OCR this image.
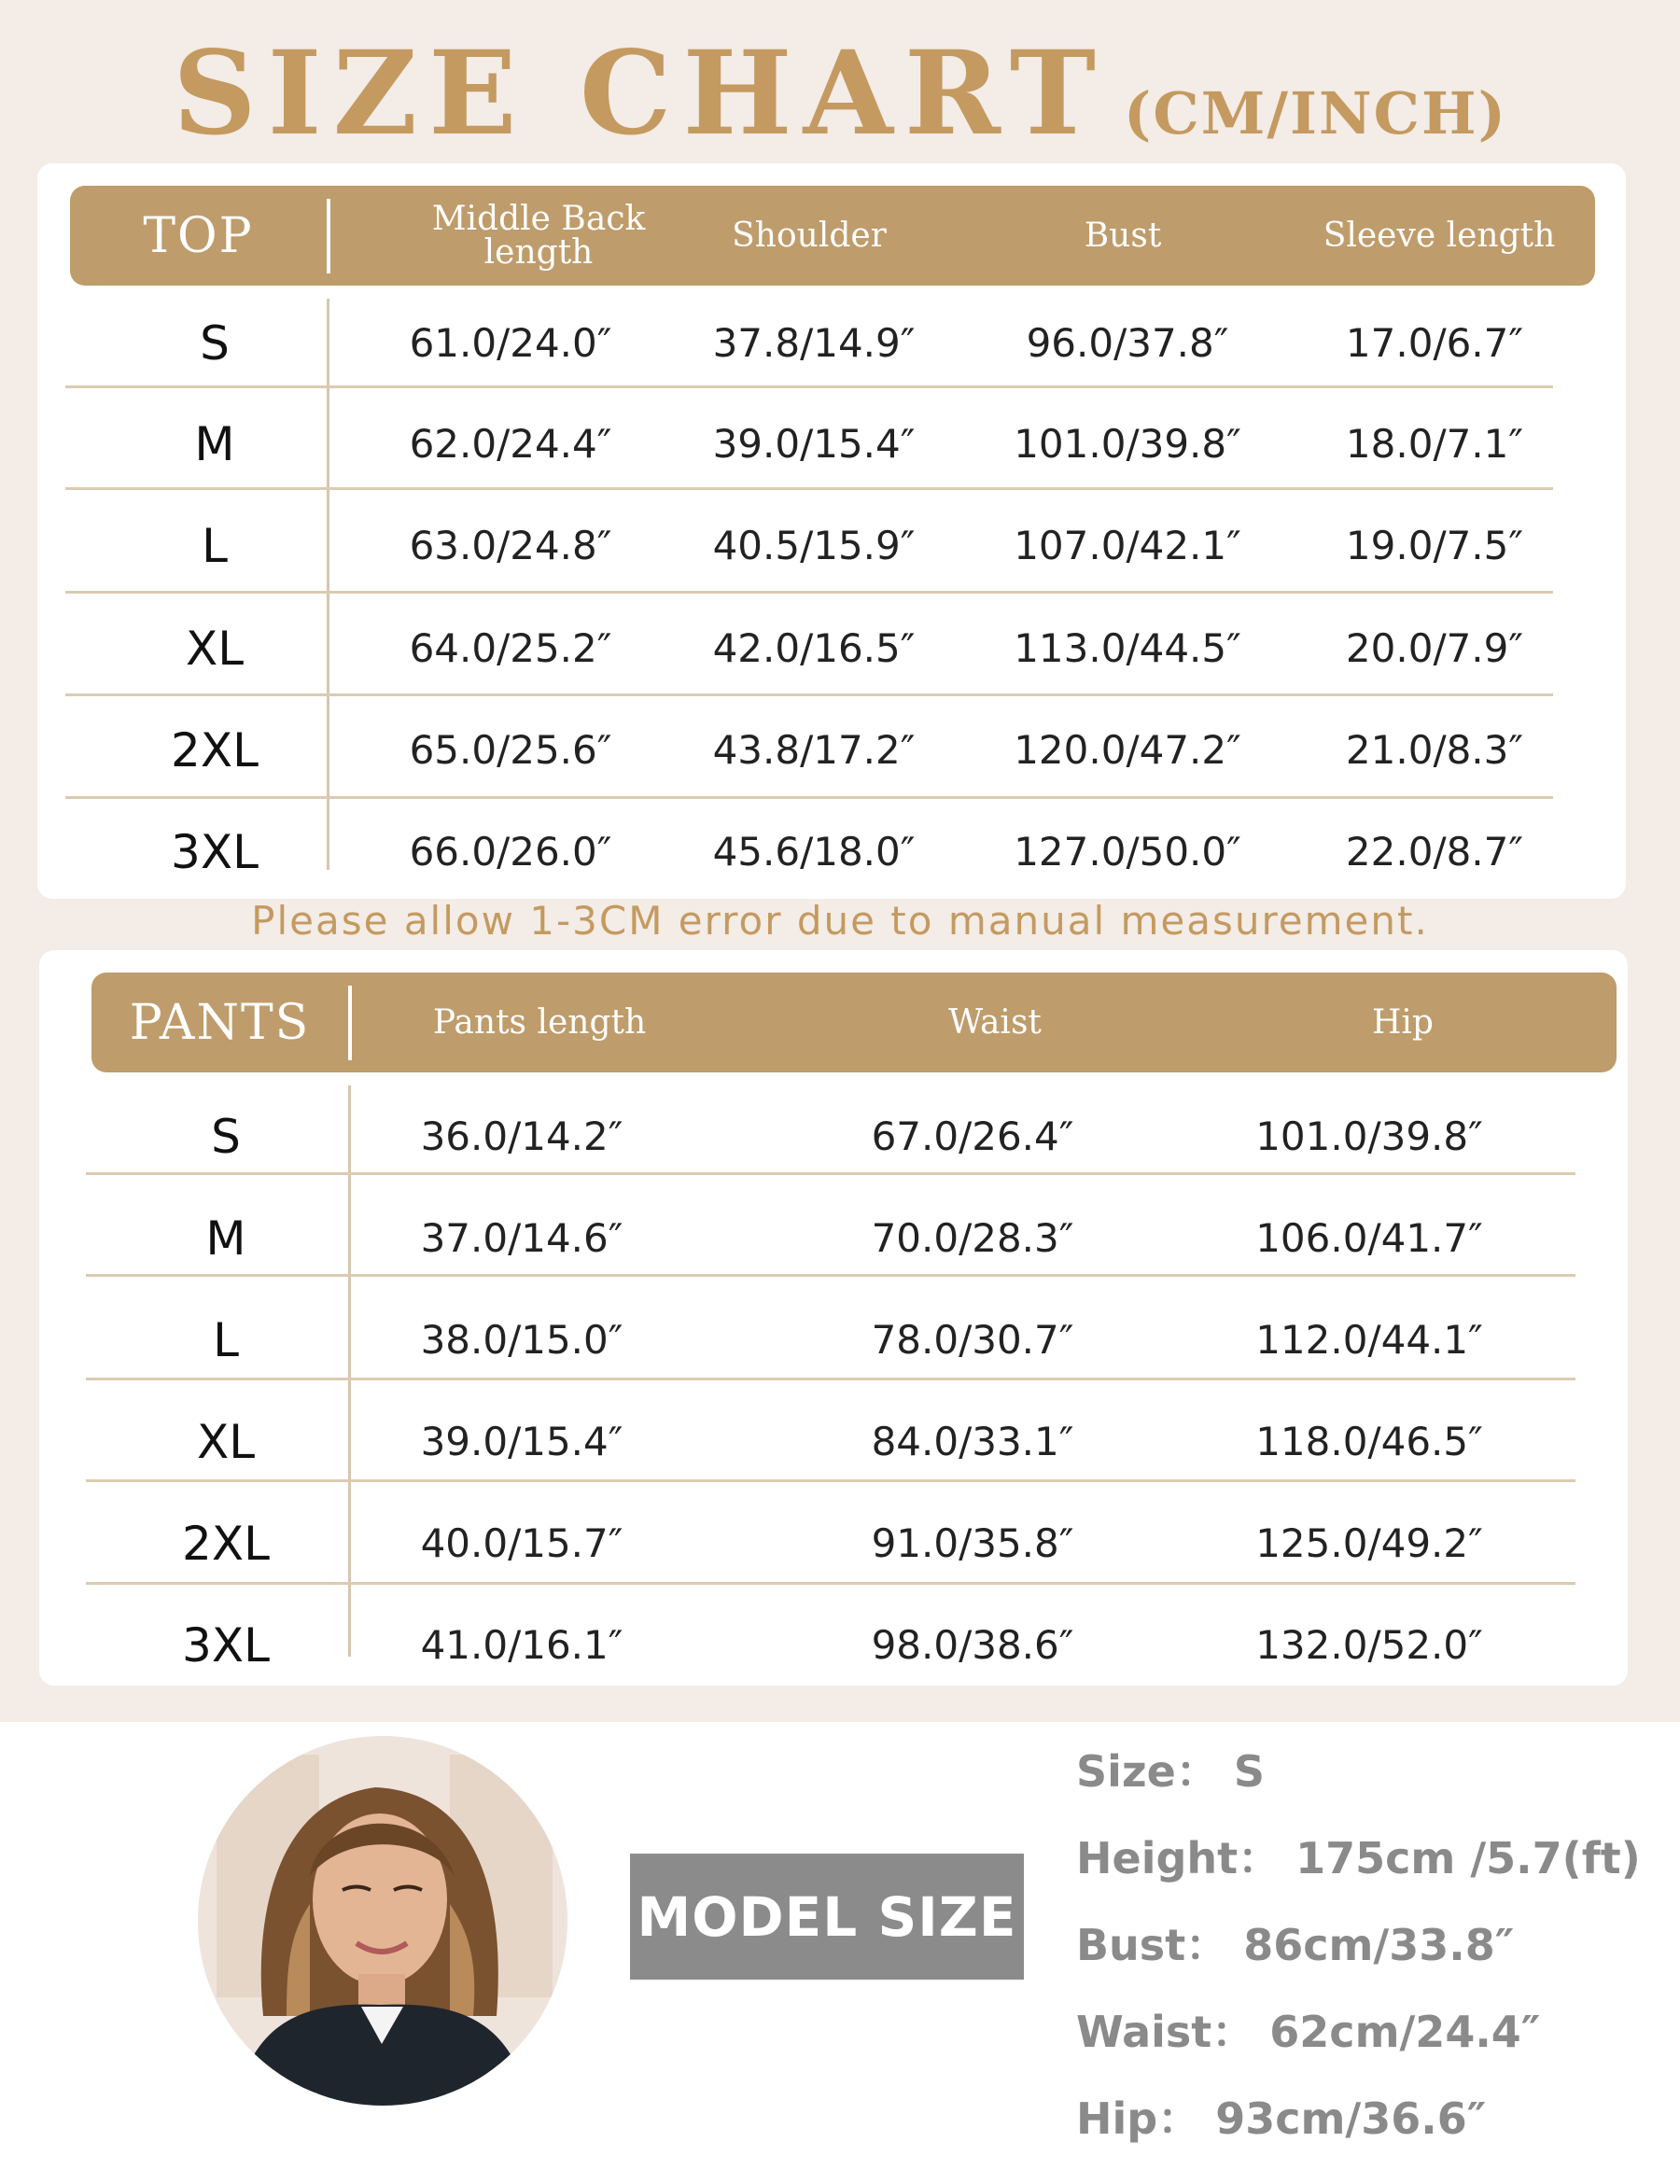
SIZE CHART (CM/INCH)
TOP	Middle Back length	Shoulder	Bust	Sleeve length
S	61.0/24.0″	37.8/14.9″	96.0/37.8″	17.0/6.7″
M	62.0/24.4″	39.0/15.4″	101.0/39.8″	18.0/7.1″
L	63.0/24.8″	40.5/15.9″	107.0/42.1″	19.0/7.5″
XL	64.0/25.2″	42.0/16.5″	113.0/44.5″	20.0/7.9″
2XL	65.0/25.6″	43.8/17.2″	120.0/47.2″	21.0/8.3″
3XL	66.0/26.0″	45.6/18.0″	127.0/50.0″	22.0/8.7″
Please allow 1-3CM error due to manual measurement.
PANTS	Pants length	Waist	Hip
S	36.0/14.2″	67.0/26.4″	101.0/39.8″
M	37.0/14.6″	70.0/28.3″	106.0/41.7″
L	38.0/15.0″	78.0/30.7″	112.0/44.1″
XL	39.0/15.4″	84.0/33.1″	118.0/46.5″
2XL	40.0/15.7″	91.0/35.8″	125.0/49.2″
3XL	41.0/16.1″	98.0/38.6″	132.0/52.0″
MODEL SIZE
Size： S
Height： 175cm /5.7(ft)
Bust： 86cm/33.8″
Waist： 62cm/24.4″
Hip： 93cm/36.6″
